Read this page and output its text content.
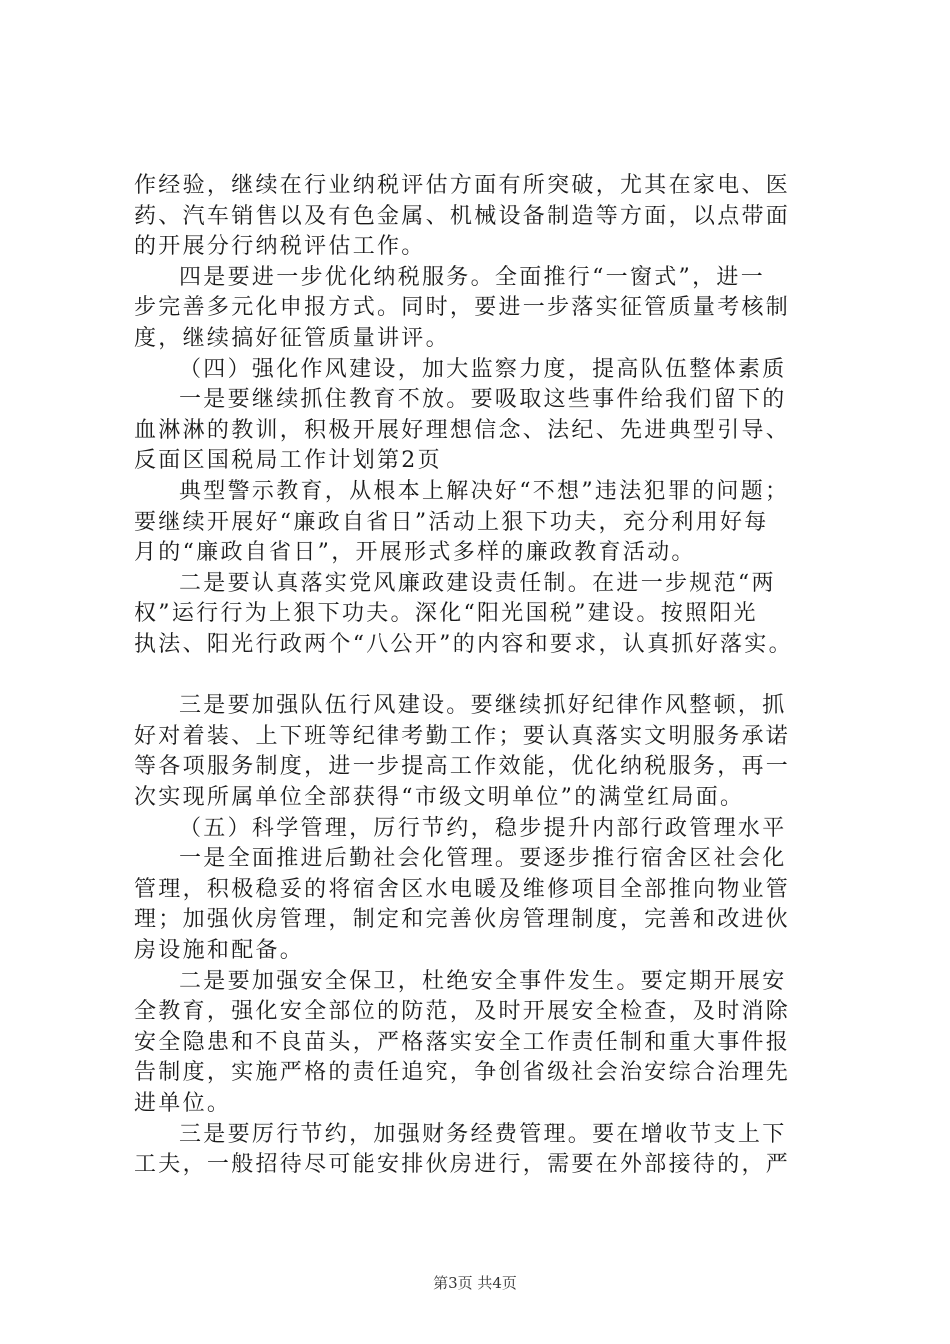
作经验，继续在行业纳税评估方面有所突破，尤其在家电、医
药、汽车销售以及有色金属、机械设备制造等方面，以点带面
的开展分行纳税评估工作。
四是要进一步优化纳税服务。全面推行“一窗式”，进一
步完善多元化申报方式。同时，要进一步落实征管质量考核制
度，继续搞好征管质量讲评。
（四）强化作风建设，加大监察力度，提高队伍整体素质
一是要继续抓住教育不放。要吸取这些事件给我们留下的
血淋淋的教训，积极开展好理想信念、法纪、先进典型引导、
反面区国税局工作计划第2页
典型警示教育，从根本上解决好“不想”违法犯罪的问题；
要继续开展好“廉政自省日”活动上狠下功夫，充分利用好每
月的“廉政自省日”，开展形式多样的廉政教育活动。
二是要认真落实党风廉政建设责任制。在进一步规范“两
权”运行行为上狠下功夫。深化“阳光国税”建设。按照阳光
执法、阳光行政两个“八公开”的内容和要求，认真抓好落实。
三是要加强队伍行风建设。要继续抓好纪律作风整顿，抓
好对着装、上下班等纪律考勤工作；要认真落实文明服务承诺
等各项服务制度，进一步提高工作效能，优化纳税服务，再一
次实现所属单位全部获得“市级文明单位”的满堂红局面。
（五）科学管理，厉行节约，稳步提升内部行政管理水平
一是全面推进后勤社会化管理。要逐步推行宿舍区社会化
管理，积极稳妥的将宿舍区水电暖及维修项目全部推向物业管
理；加强伙房管理，制定和完善伙房管理制度，完善和改进伙
房设施和配备。
二是要加强安全保卫，杜绝安全事件发生。要定期开展安
全教育，强化安全部位的防范，及时开展安全检查，及时消除
安全隐患和不良苗头，严格落实安全工作责任制和重大事件报
告制度，实施严格的责任追究，争创省级社会治安综合治理先
进单位。
三是要厉行节约，加强财务经费管理。要在增收节支上下
工夫，一般招待尽可能安排伙房进行，需要在外部接待的，严
第3页 共4页
